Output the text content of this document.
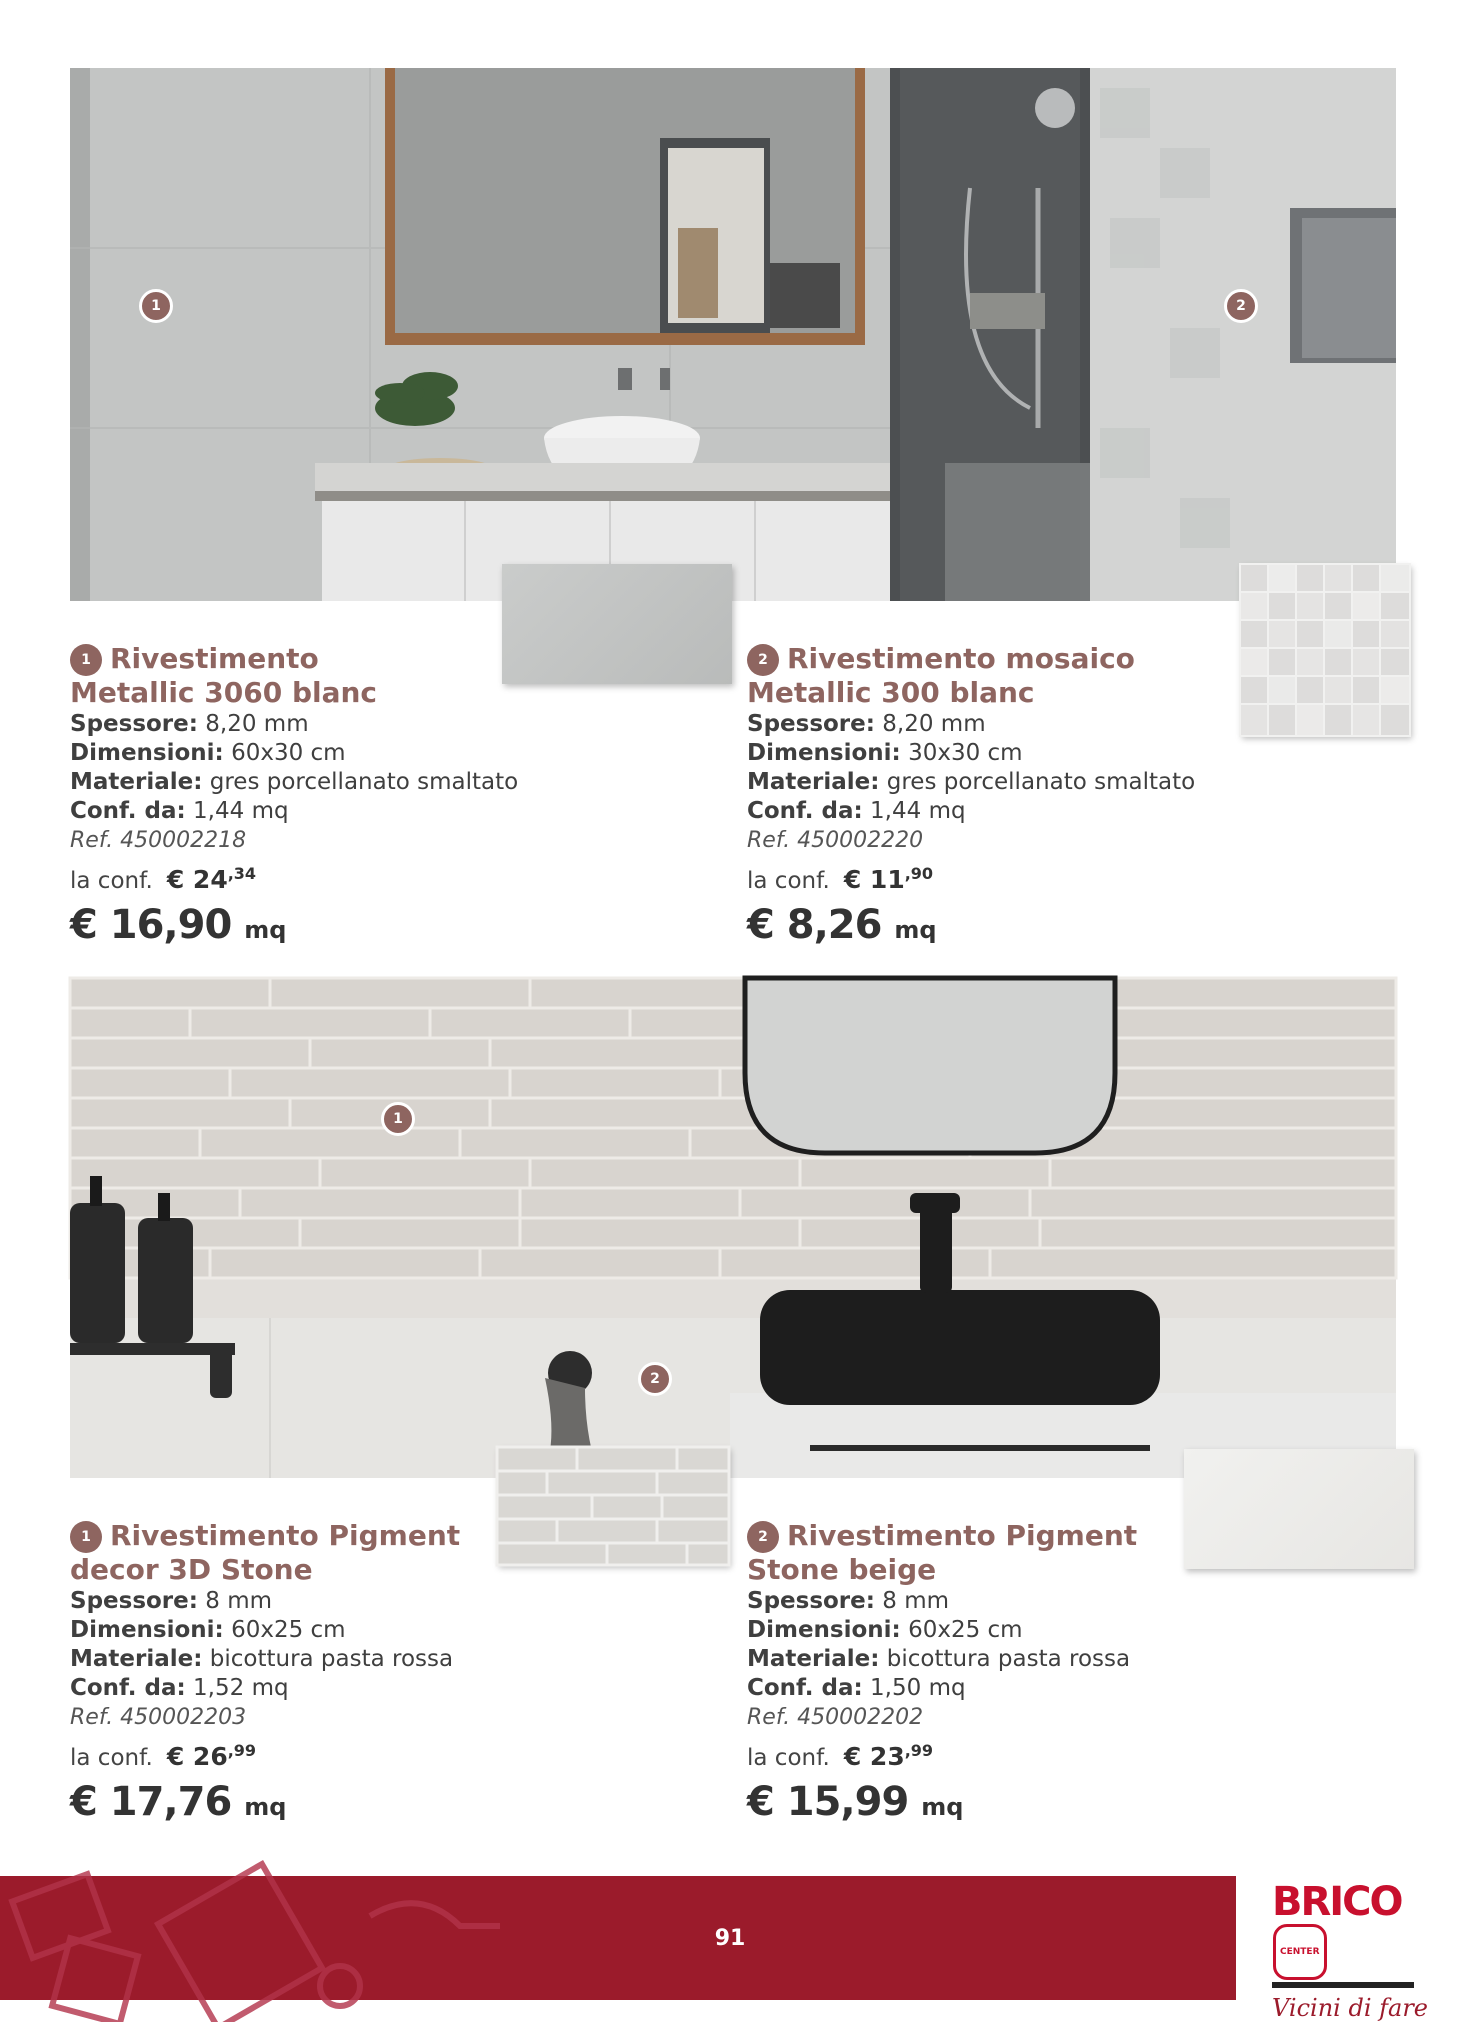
1	2
1 Rivestimento
Metallic 3060 blanc
Spessore: 8,20 mm
Dimensioni: 60x30 cm
Materiale: gres porcellanato smaltato
Conf. da: 1,44 mq
Ref. 450002218
la conf. € $24^{,34}$
€ 16,90 mq
2 Rivestimento mosaico
Metallic 300 blanc
Spessore: 8,20 mm
Dimensioni: 30x30 cm
Materiale: gres porcellanato smaltato
Conf. da: 1,44 mq
Ref. 450002220
la conf. € $11^{,90}$
€ 8,26 mq
1
2
1 Rivestimento Pigment
decor 3D Stone
Spessore: 8 mm
Dimensioni: 60x25 cm
Materiale: bicottura pasta rossa
Conf. da: 1,52 mq
Ref. 450002203
la conf. € $26^{,99}$
€ 17,76 mq
2 Rivestimento Pigment
Stone beige
Spessore: 8 mm
Dimensioni: 60x25 cm
Materiale: bicottura pasta rossa
Conf. da: 1,50 mq
Ref. 450002202
la conf. € $23^{,99}$
€ 15,99 mq
91
BRICOCENTER
Vicini di fare
